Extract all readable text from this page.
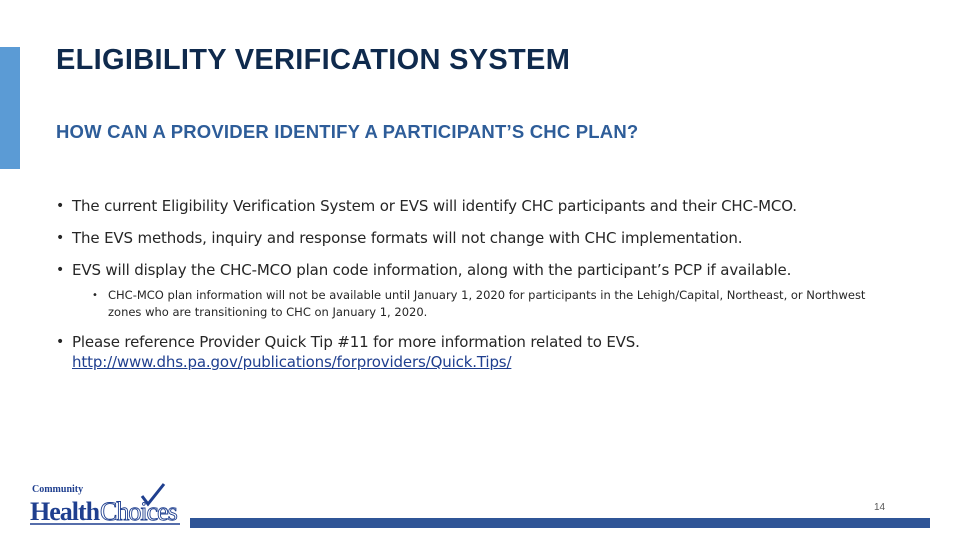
ELIGIBILITY VERIFICATION SYSTEM
HOW CAN A PROVIDER IDENTIFY A PARTICIPANT’S CHC PLAN?
• The current Eligibility Verification System or EVS will identify CHC participants and their CHC-MCO.
• The EVS methods, inquiry and response formats will not change with CHC implementation.
• EVS will display the CHC-MCO plan code information, along with the participant’s PCP if available.
• CHC-MCO plan information will not be available until January 1, 2020 for participants in the Lehigh/Capital, Northeast, or Northwest zones who are transitioning to CHC on January 1, 2020.
• Please reference Provider Quick Tip #11 for more information related to EVS.
http://www.dhs.pa.gov/publications/forproviders/Quick.Tips/
Community
Health Choices	14
